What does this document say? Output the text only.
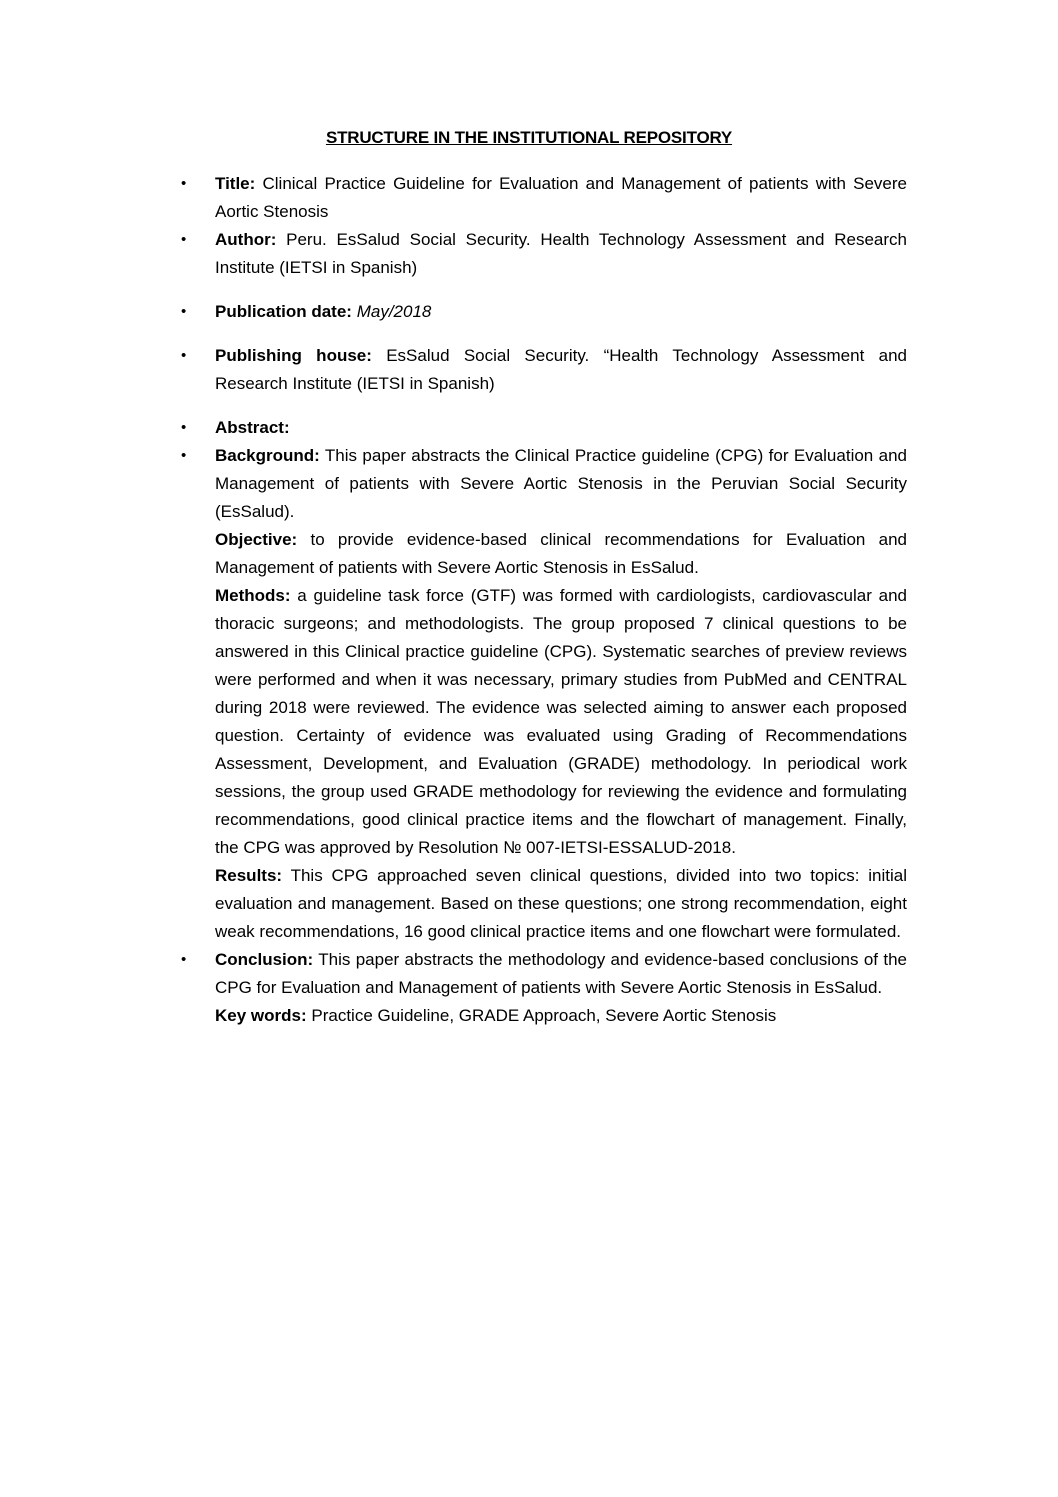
STRUCTURE IN THE INSTITUTIONAL REPOSITORY
• Title: Clinical Practice Guideline for Evaluation and Management of patients with Severe Aortic Stenosis
• Author: Peru. EsSalud Social Security. Health Technology Assessment and Research Institute (IETSI in Spanish)
• Publication date: May/2018
• Publishing house: EsSalud Social Security. “Health Technology Assessment and Research Institute (IETSI in Spanish)
• Abstract:
• Background: This paper abstracts the Clinical Practice guideline (CPG) for Evaluation and Management of patients with Severe Aortic Stenosis in the Peruvian Social Security (EsSalud).
Objective: to provide evidence-based clinical recommendations for Evaluation and Management of patients with Severe Aortic Stenosis in EsSalud.
Methods: a guideline task force (GTF) was formed with cardiologists, cardiovascular and thoracic surgeons; and methodologists. The group proposed 7 clinical questions to be answered in this Clinical practice guideline (CPG). Systematic searches of preview reviews were performed and when it was necessary, primary studies from PubMed and CENTRAL during 2018 were reviewed. The evidence was selected aiming to answer each proposed question. Certainty of evidence was evaluated using Grading of Recommendations Assessment, Development, and Evaluation (GRADE) methodology. In periodical work sessions, the group used GRADE methodology for reviewing the evidence and formulating recommendations, good clinical practice items and the flowchart of management. Finally, the CPG was approved by Resolution № 007-IETSI-ESSALUD-2018.
Results: This CPG approached seven clinical questions, divided into two topics: initial evaluation and management. Based on these questions; one strong recommendation, eight weak recommendations, 16 good clinical practice items and one flowchart were formulated.
• Conclusion: This paper abstracts the methodology and evidence-based conclusions of the CPG for Evaluation and Management of patients with Severe Aortic Stenosis in EsSalud.
Key words: Practice Guideline, GRADE Approach, Severe Aortic Stenosis
